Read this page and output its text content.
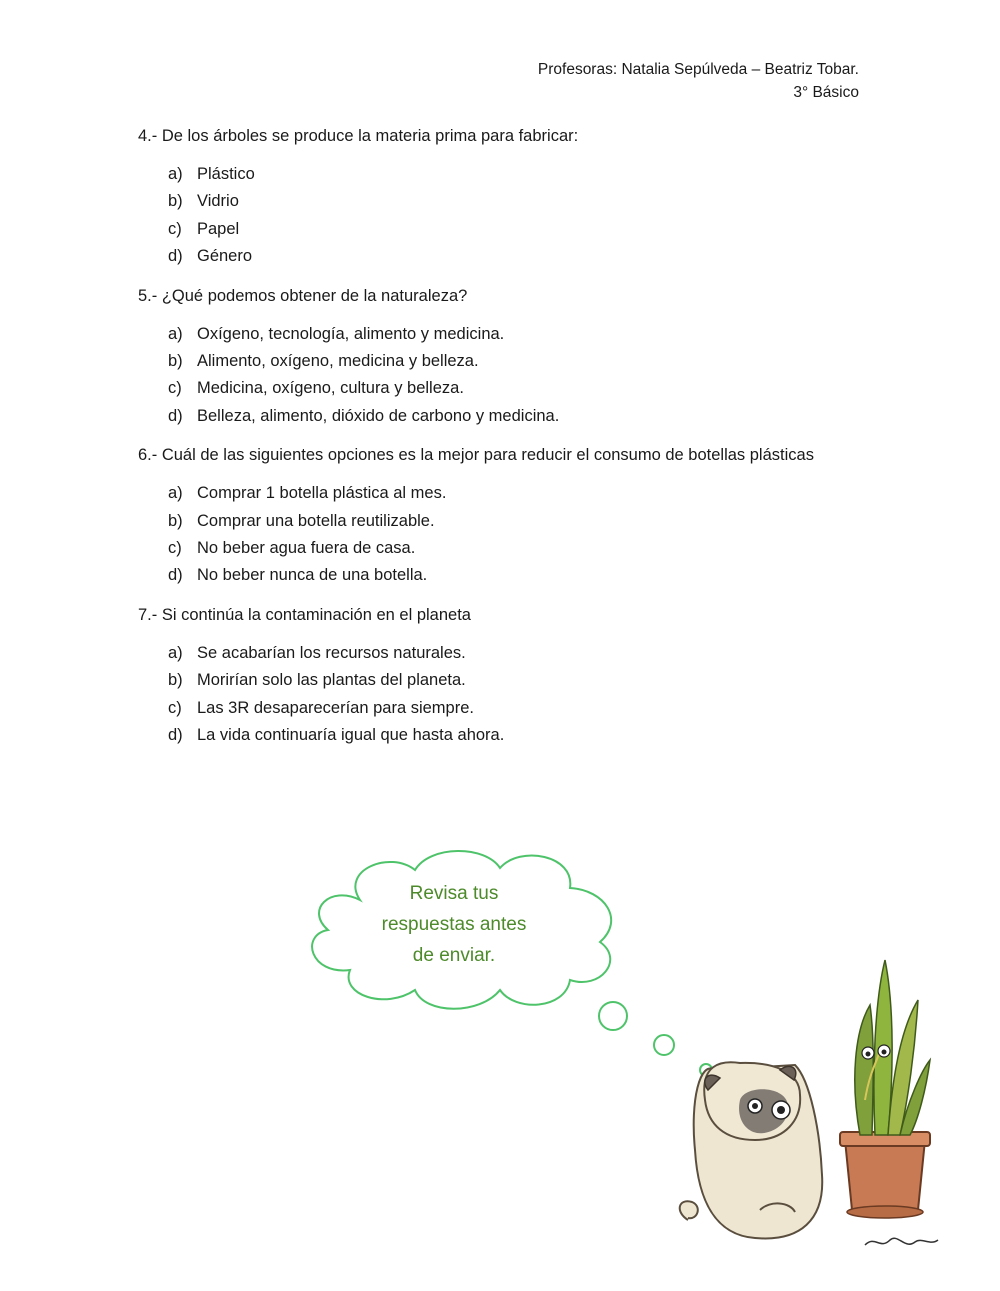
Profesoras: Natalia Sepúlveda – Beatriz Tobar.
3° Básico
4.- De los árboles se produce la materia prima para fabricar:
a) Plástico
b) Vidrio
c) Papel
d) Género
5.- ¿Qué podemos obtener de la naturaleza?
a) Oxígeno, tecnología, alimento y medicina.
b) Alimento, oxígeno, medicina y belleza.
c) Medicina, oxígeno, cultura y belleza.
d) Belleza, alimento, dióxido de carbono y medicina.
6.- Cuál de las siguientes opciones es la mejor para reducir el consumo de botellas plásticas
a) Comprar 1 botella plástica al mes.
b) Comprar una botella reutilizable.
c) No beber agua fuera de casa.
d) No beber nunca de una botella.
7.- Si continúa la contaminación en el planeta
a) Se acabarían los recursos naturales.
b) Morirían solo las plantas del planeta.
c) Las 3R desaparecerían para siempre.
d) La vida continuaría igual que hasta ahora.
Revisa tus
respuestas antes
de enviar.
